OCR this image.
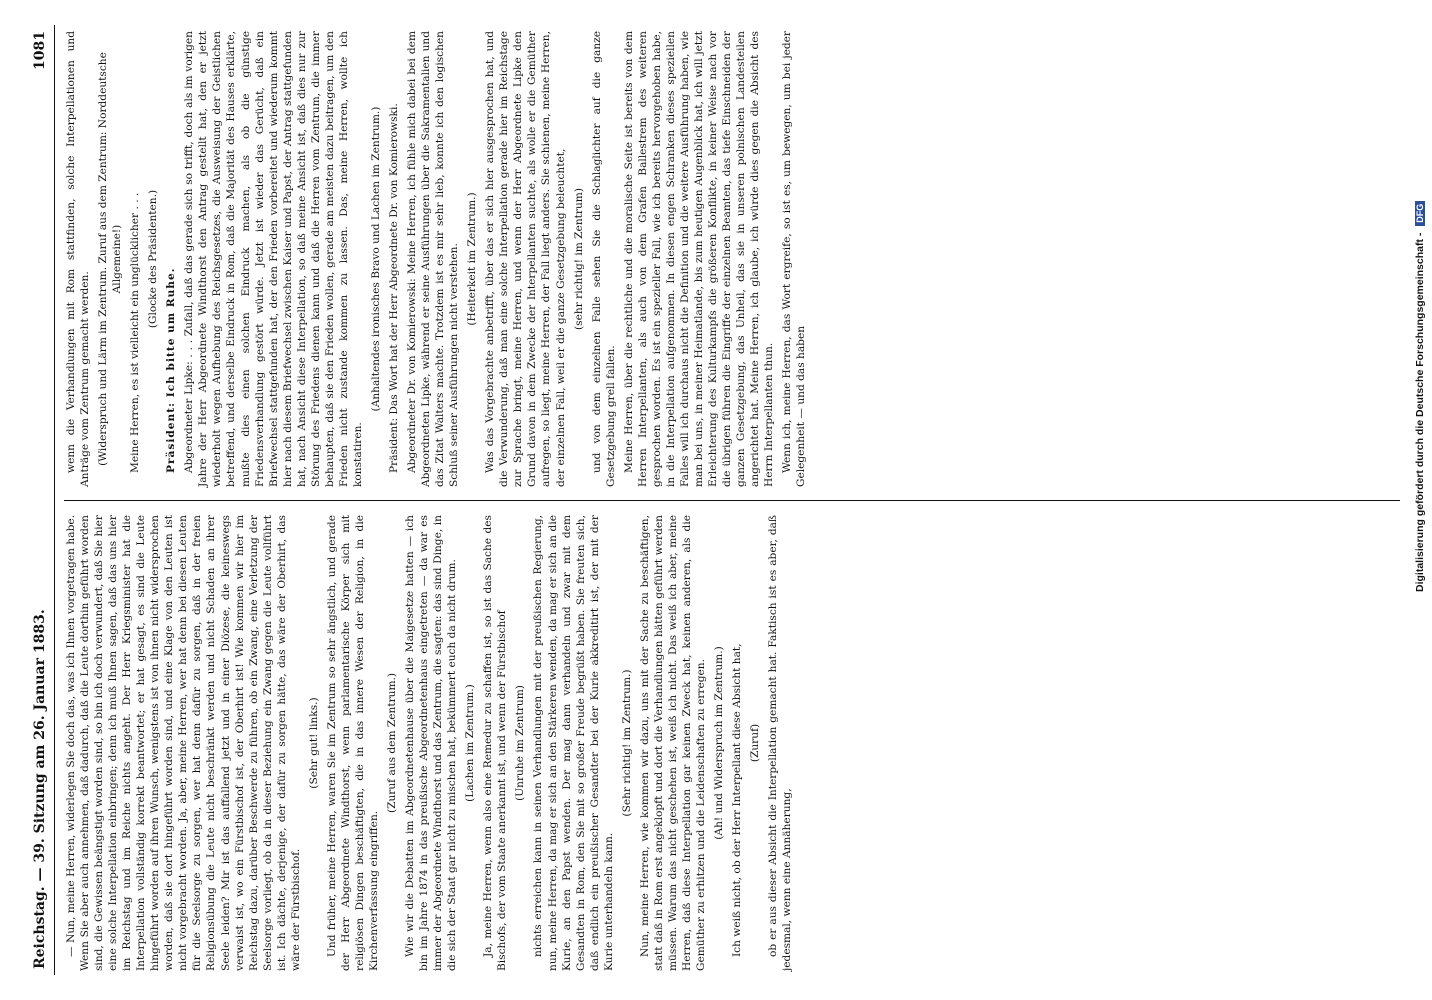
Reichstag. — 39. Sitzung am 26. Januar 1883.
1081

— Nun, meine Herren, widerlegen Sie doch das, was ich Ihnen vorgetragen habe. Wenn Sie aber auch annehmen, daß dadurch, daß die Leute dorthin geführt worden sind, die Gewissen beängstigt worden sind, so bin ich doch verwundert, daß Sie hier eine solche Interpellation einbringen; denn ich muß Ihnen sagen, daß das uns hier im Reichstag und im Reiche nichts angeht. Der Herr Kriegsminister hat die Interpellation vollständig korrekt beantwortet; er hat gesagt, es sind die Leute hingeführt worden auf ihren Wunsch, wenigstens ist von ihnen nicht widersprochen worden, daß sie dort hingeführt worden sind, und eine Klage von den Leuten ist nicht vorgebracht worden. Ja, aber, meine Herren, wer hat denn bei diesen Leuten für die Seelsorge zu sorgen, wer hat denn dafür zu sorgen, daß in der freien Religionsübung die Leute nicht beschränkt werden und nicht Schaden an ihrer Seele leiden? Mir ist das auffallend jetzt und in einer Diözese, die keineswegs verwaist ist, wo ein Fürstbischof ist, der Oberhirt ist! Wie kommen wir hier im Reichstag dazu, darüber Beschwerde zu führen, ob ein Zwang, eine Verletzung der Seelsorge vorliegt, ob da in dieser Beziehung ein Zwang gegen die Leute vollführt ist. Ich dächte, derjenige, der dafür zu sorgen hätte, das wäre der Oberhirt, das wäre der Fürstbischof.

(Sehr gut! links.) Und früher, meine Herren, waren Sie im Zentrum so sehr ängstlich, und gerade der Herr Abgeordnete Windthorst, wenn parlamentarische Körper sich mit religiösen Dingen beschäftigten, die in das innere Wesen der Religion, in die Kirchenverfassung eingriffen.

(Zuruf aus dem Zentrum.) Wie wir die Debatten im Abgeordnetenhause über die Maigesetze hatten — ich bin im Jahre 1874 in das preußische Abgeordnetenhaus eingetreten — da war es immer der Abgeordnete Windthorst und das Zentrum, die sagten: das sind Dinge, in die sich der Staat gar nicht zu mischen hat, bekümmert euch da nicht drum. (Lachen im Zentrum.) Ja, meine Herren, wenn also eine Remedur zu schaffen ist, so ist das Sache des Bischofs, der vom Staate anerkannt ist, und wenn der Fürstbischof (Unruhe im Zentrum) nichts erreichen kann in seinen Verhandlungen mit der preußischen Regierung, nun, meine Herren, da mag er sich an den Stärkeren wenden, da mag er sich an die Kurie, an den Papst wenden. Der mag dann verhandeln und zwar mit dem Gesandten in Rom, den Sie mit so großer Freude begrüßt haben. Sie freuten sich, daß endlich ein preußischer Gesandter bei der Kurie akkreditirt ist, der mit der Kurie unterhandeln kann.

(Sehr richtig! im Zentrum.) Nun, meine Herren, wie kommen wir dazu, uns mit der Sache zu beschäftigen, statt daß in Rom erst angeklopft und dort die Verhandlungen hätten geführt werden müssen. Warum das nicht geschehen ist, weiß ich nicht. Das weiß ich aber, meine Herren, daß diese Interpellation gar keinen Zweck hat, keinen anderen, als die Gemüther zu erhitzen und die Leidenschaften zu erregen. (Ah! und Widerspruch im Zentrum.) Ich weiß nicht, ob der Herr Interpellant diese Absicht hat, (Zuruf) ob er aus dieser Absicht die Interpellation gemacht hat. Faktisch ist es aber, daß jedesmal, wenn eine Annäherung,

wenn die Verhandlungen mit Rom stattfinden, solche Interpellationen und Anträge vom Zentrum gemacht werden. (Widerspruch und Lärm im Zentrum. Zuruf aus dem Zentrum: Norddeutsche Allgemeine!) Meine Herren, es ist vielleicht ein unglücklicher . . . (Glocke des Präsidenten.)

Präsident: Ich bitte um Ruhe. Abgeordneter Lipke: . . . Zufall, daß das gerade sich so trifft, doch als im vorigen Jahre der Herr Abgeordnete Windthorst den Antrag gestellt hat, den er jetzt wiederholt wegen Aufhebung des Reichsgesetzes, die Ausweisung der Geistlichen betreffend, und derselbe Eindruck in Rom, daß die Majorität des Hauses erklärte, mußte dies einen solchen Eindruck machen, als ob die günstige Friedensverhandlung gestört würde. Jetzt ist wieder das Gerücht, daß ein Briefwechsel stattgefunden hat, der den Frieden vorbereitet und wiederum kommt hier nach diesem Briefwechsel zwischen Kaiser und Papst, der Antrag stattgefunden hat, nach Ansicht diese Interpellation, so daß meine Ansicht ist, daß dies nur zur Störung des Friedens dienen kann und daß die Herren vom Zentrum, die immer behaupten, daß sie den Frieden wollen, gerade am meisten dazu beitragen, um den Frieden nicht zustande kommen zu lassen. Das, meine Herren, wollte ich konstatiren.

(Anhaltendes ironisches Bravo und Lachen im Zentrum.) Präsident: Das Wort hat der Herr Abgeordnete Dr. von Komierowski. Abgeordneter Dr. von Komierowski: Meine Herren, ich fühle mich dabei bei dem Abgeordneten Lipke, während er seine Ausführungen über die Sakramentalien und das Zitat Walters machte. Trotzdem ist es mir sehr lieb, konnte ich den logischen Schluß seiner Ausführungen nicht verstehen. (Heiterkeit im Zentrum.) Was das Vorgebrachte anbetrifft, über das er sich hier ausgesprochen hat, und die Verwunderung, daß man eine solche Interpellation gerade hier im Reichstage zur Sprache bringt, meine Herren, und wenn der Herr Abgeordnete Lipke den Grund davon in dem Zwecke der Interpellanten suchte, als wolle er die Gemüther aufregen, so liegt, meine Herren, der Fall liegt anders. Sie schienen, meine Herren, der einzelnen Fall, weil er die ganze Gesetzgebung beleuchtet, (sehr richtig! im Zentrum) und von dem einzelnen Falle sehen Sie die Schlaglichter auf die ganze Gesetzgebung grell fallen. Meine Herren, über die rechtliche und die moralische Seite ist bereits von dem Herren Interpellanten, als auch von dem Grafen Ballestrem des weiteren gesprochen worden. Es ist ein spezieller Fall, wie ich bereits hervorgehoben habe, in die Interpellation aufgenommen. In diesen engen Schranken dieses speziellen Falles will ich durchaus nicht die Definition und die weitere Ausführung haben, wie man bei uns, in meiner Heimatlande, bis zum heutigen Augenblick hat, ich will jetzt Erleichterung des Kulturkampfs die größeren Konflikte, in keiner Weise nach vor die übrigen führen die Eingriffe der einzelnen Beamten, das tiefe Einschneiden der ganzen Gesetzgebung, das Unheil, das sie in unseren polnischen Landesteilen angerichtet hat. Meine Herren, ich glaube, ich würde dies gegen die Absicht des Herrn Interpellanten thun. Wenn ich, meine Herren, das Wort ergreife, so ist es, um bewegen, um bei jeder Gelegenheit — und das haben	Digitalisierung gefördert durch die Deutsche Forschungsgemeinschaft - DFG
